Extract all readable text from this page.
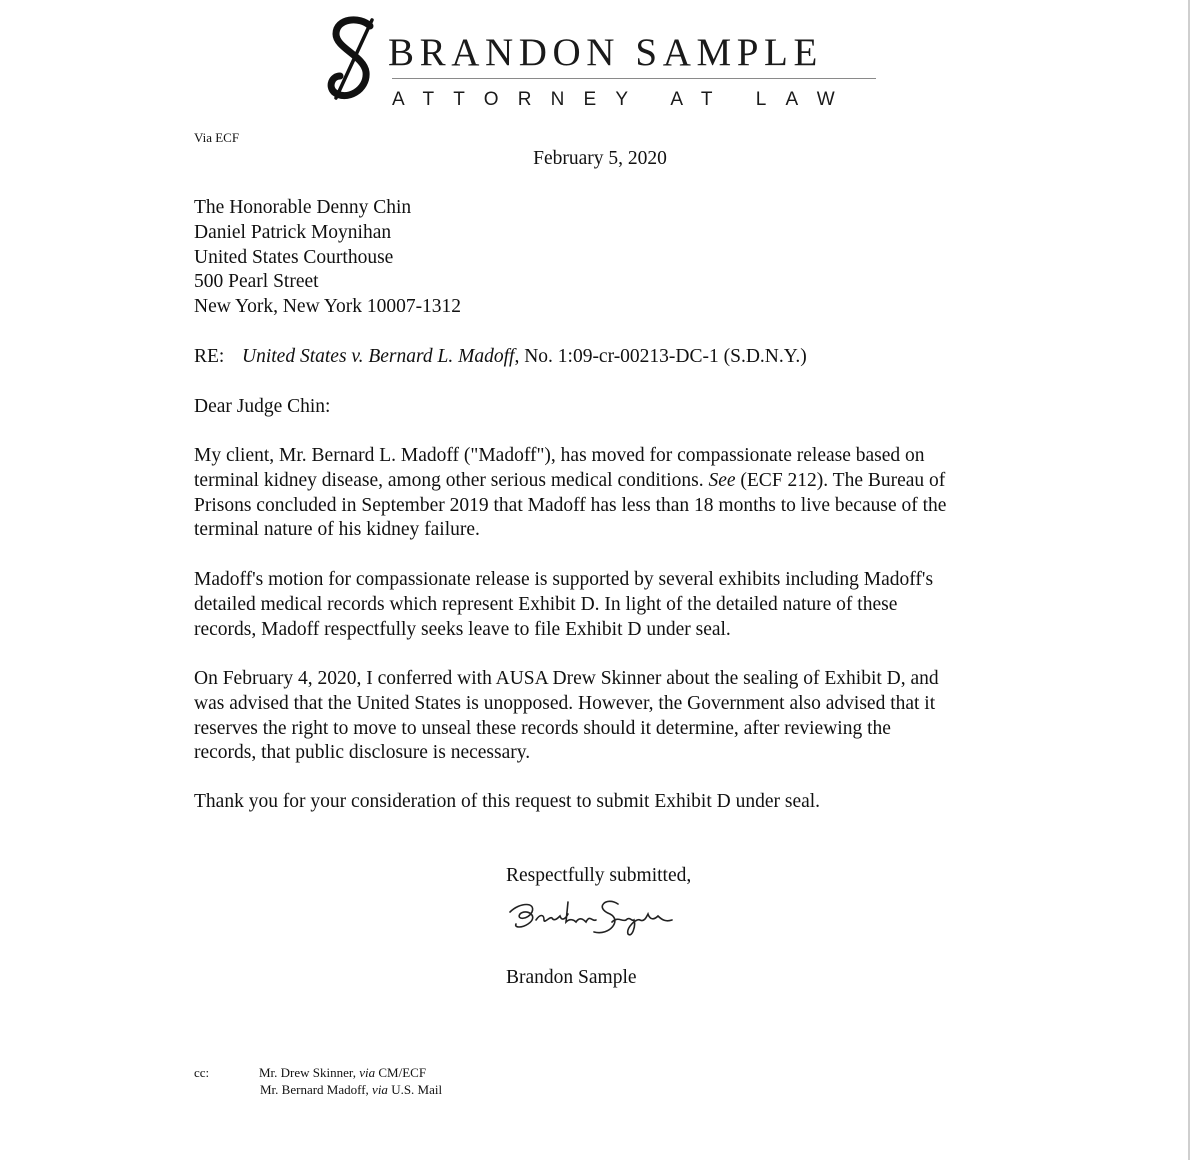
BRANDON SAMPLE
ATTORNEY AT LAW
Via ECF
February 5, 2020
The Honorable Denny Chin
Daniel Patrick Moynihan
United States Courthouse
500 Pearl Street
New York, New York 10007-1312
RE: United States v. Bernard L. Madoff, No. 1:09-cr-00213-DC-1 (S.D.N.Y.)
Dear Judge Chin:
My client, Mr. Bernard L. Madoff ("Madoff"), has moved for compassionate release based on
terminal kidney disease, among other serious medical conditions. See (ECF 212). The Bureau of
Prisons concluded in September 2019 that Madoff has less than 18 months to live because of the
terminal nature of his kidney failure.
Madoff's motion for compassionate release is supported by several exhibits including Madoff's
detailed medical records which represent Exhibit D. In light of the detailed nature of these
records, Madoff respectfully seeks leave to file Exhibit D under seal.
On February 4, 2020, I conferred with AUSA Drew Skinner about the sealing of Exhibit D, and
was advised that the United States is unopposed. However, the Government also advised that it
reserves the right to move to unseal these records should it determine, after reviewing the
records, that public disclosure is necessary.
Thank you for your consideration of this request to submit Exhibit D under seal.
Respectfully submitted,
Brandon Sample
cc:	Mr. Drew Skinner, via CM/ECF
Mr. Bernard Madoff, via U.S. Mail
